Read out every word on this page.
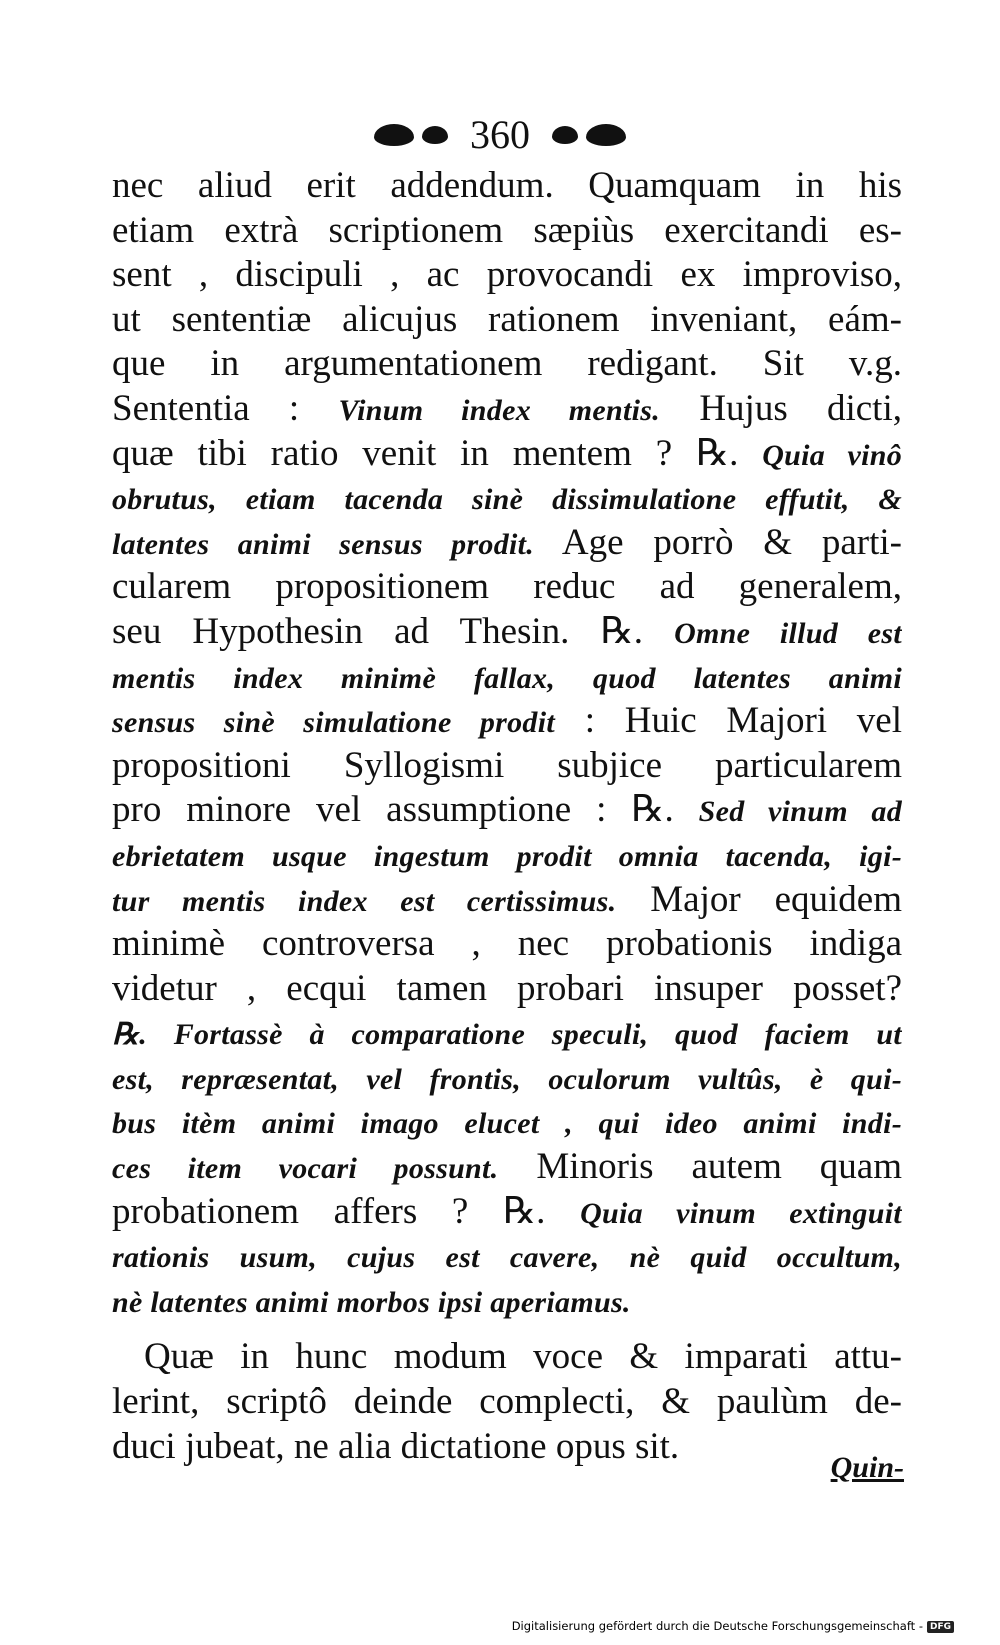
360
nec aliud erit addendum. Quamquam in his
etiam extrà scriptionem sæpiùs exercitandi es-
sent , discipuli , ac provocandi ex improviso,
ut sententiæ alicujus rationem inveniant, eám-
que in argumentationem redigant. Sit v.g.
Sententia : Vinum index mentis. Hujus dicti,
quæ tibi ratio venit in mentem ? ℞. Quia vinô
obrutus, etiam tacenda sinè dissimulatione effutit, &
latentes animi sensus prodit. Age porrò & parti-
cularem propositionem reduc ad generalem,
seu Hypothesin ad Thesin. ℞. Omne illud est
mentis index minimè fallax, quod latentes animi
sensus sinè simulatione prodit : Huic Majori vel
propositioni Syllogismi subjice particularem
pro minore vel assumptione : ℞. Sed vinum ad
ebrietatem usque ingestum prodit omnia tacenda, igi-
tur mentis index est certissimus. Major equidem
minimè controversa , nec probationis indiga
videtur , ecqui tamen probari insuper posset?
℞. Fortassè à comparatione speculi, quod faciem ut
est, repræsentat, vel frontis, oculorum vultûs, è qui-
bus itèm animi imago elucet , qui ideo animi indi-
ces item vocari possunt. Minoris autem quam
probationem affers ? ℞. Quia vinum extinguit
rationis usum, cujus est cavere, nè quid occultum,
nè latentes animi morbos ipsi aperiamus.
Quæ in hunc modum voce & imparati attu-
lerint, scriptô deinde complecti, & paulùm de-
duci jubeat, ne alia dictatione opus sit.
Quin-
Digitalisierung gefördert durch die Deutsche Forschungsgemeinschaft - DFG
